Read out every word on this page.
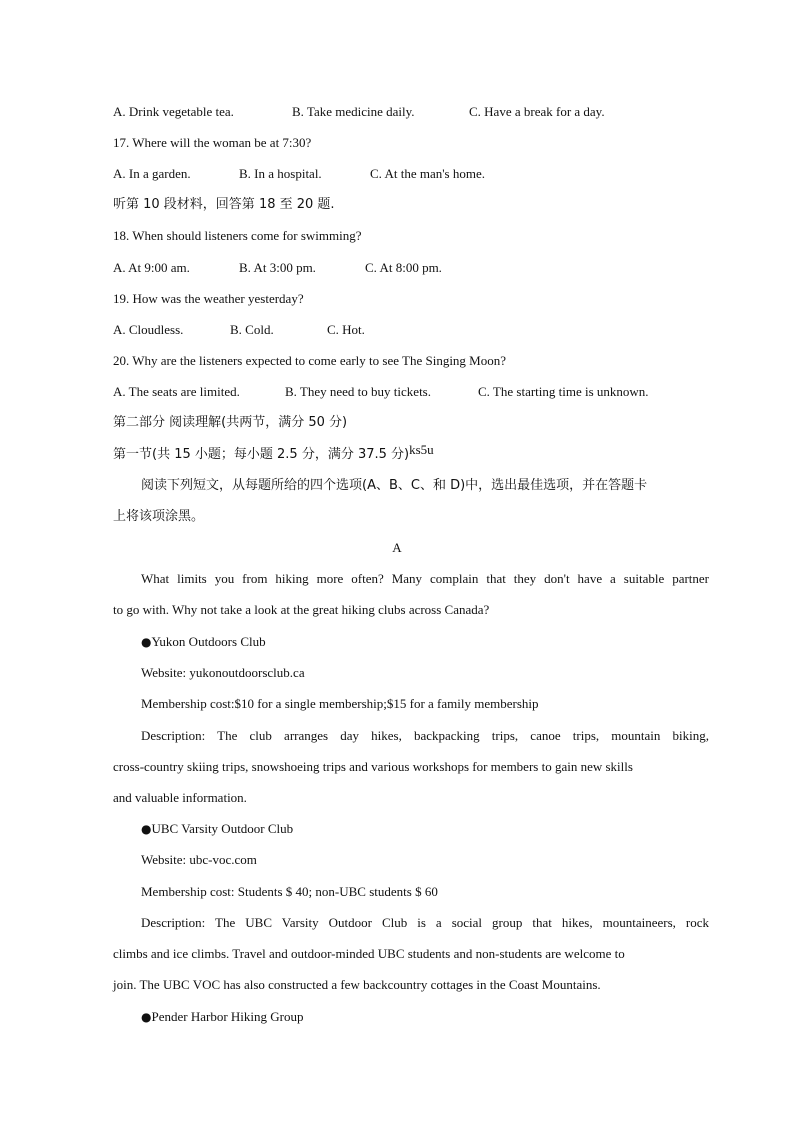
A. Drink vegetable tea.	B. Take medicine daily.	C. Have a break for a day.
17. Where will the woman be at 7:30?
A. In a garden.	B. In a hospital.	C. At the man's home.
听第 10 段材料，回答第 18 至 20 题.
18. When should listeners come for swimming?
A. At 9:00 am.	B. At 3:00 pm.	C. At 8:00 pm.
19. How was the weather yesterday?
A. Cloudless.	B. Cold.	C. Hot.
20. Why are the listeners expected to come early to see The Singing Moon?
A. The seats are limited.	B. They need to buy tickets.	C. The starting time is unknown.
第二部分 阅读理解(共两节，满分 50 分)
第一节(共 15 小题；每小题 2.5 分，满分 37.5 分)ks5u
阅读下列短文，从每题所给的四个选项(A、B、C、和 D)中，选出最佳选项，并在答题卡
上将该项涂黑。
A
What limits you from hiking more often? Many complain that they don't have a suitable partner
to go with. Why not take a look at the great hiking clubs across Canada?
●Yukon Outdoors Club
Website: yukonoutdoorsclub.ca
Membership cost:$10 for a single membership;$15 for a family membership
Description: The club arranges day hikes, backpacking trips, canoe trips, mountain biking,
cross-country skiing trips, snowshoeing trips and various workshops for members to gain new skills
and valuable information.
●UBC Varsity Outdoor Club
Website: ubc-voc.com
Membership cost: Students $ 40; non-UBC students $ 60
Description: The UBC Varsity Outdoor Club is a social group that hikes, mountaineers, rock
climbs and ice climbs. Travel and outdoor-minded UBC students and non-students are welcome to
join. The UBC VOC has also constructed a few backcountry cottages in the Coast Mountains.
●Pender Harbor Hiking Group
